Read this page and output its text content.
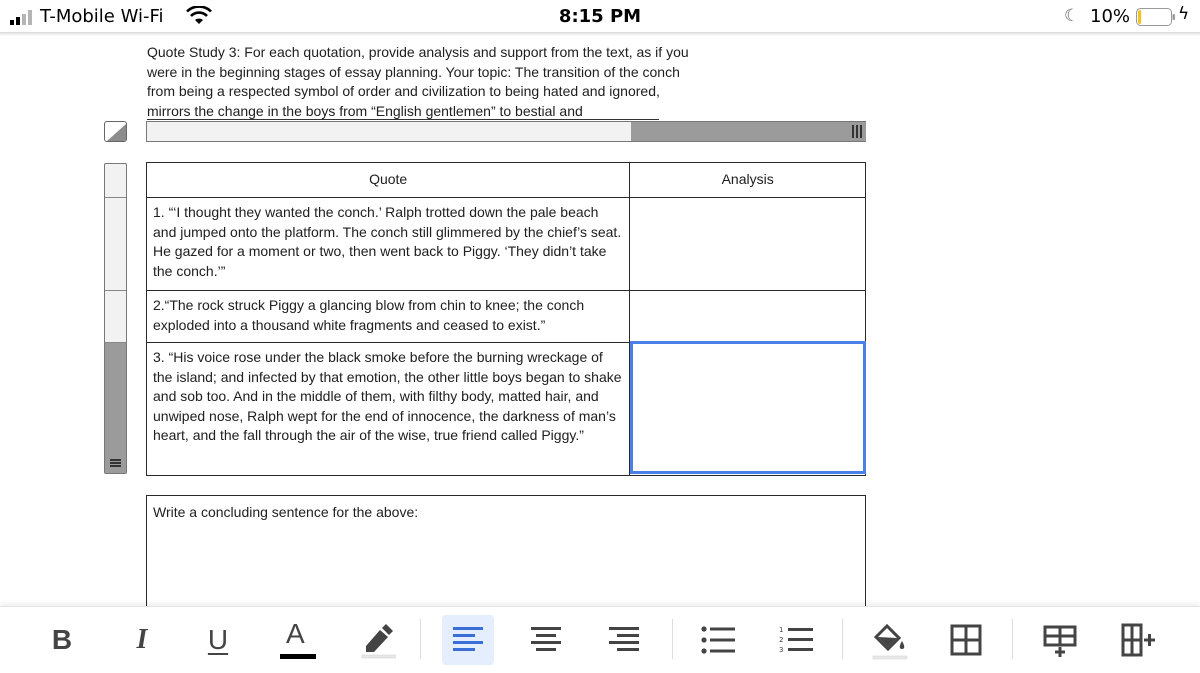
T-Mobile Wi-Fi	8:15 PM	☾ 10%	ϟ
Quote Study 3: For each quotation, provide analysis and support from the text, as if you were in the beginning stages of essay planning. Your topic: The transition of the conch from being a respected symbol of order and civilization to being hated and ignored, mirrors the change in the boys from “English gentlemen” to bestial and
Quote	Analysis
1. “‘I thought they wanted the conch.’ Ralph trotted down the pale beach and jumped onto the platform. The conch still glimmered by the chief’s seat. He gazed for a moment or two, then went back to Piggy. ‘They didn’t take the conch.’”	
2.“The rock struck Piggy a glancing blow from chin to knee; the conch exploded into a thousand white fragments and ceased to exist.”	
3. “His voice rose under the black smoke before the burning wreckage of the island; and infected by that emotion, the other little boys began to shake and sob too. And in the middle of them, with filthy body, matted hair, and unwiped nose, Ralph wept for the end of innocence, the darkness of man’s heart, and the fall through the air of the wise, true friend called Piggy.”	
Write a concluding sentence for the above:
B I U A	1
2
3
